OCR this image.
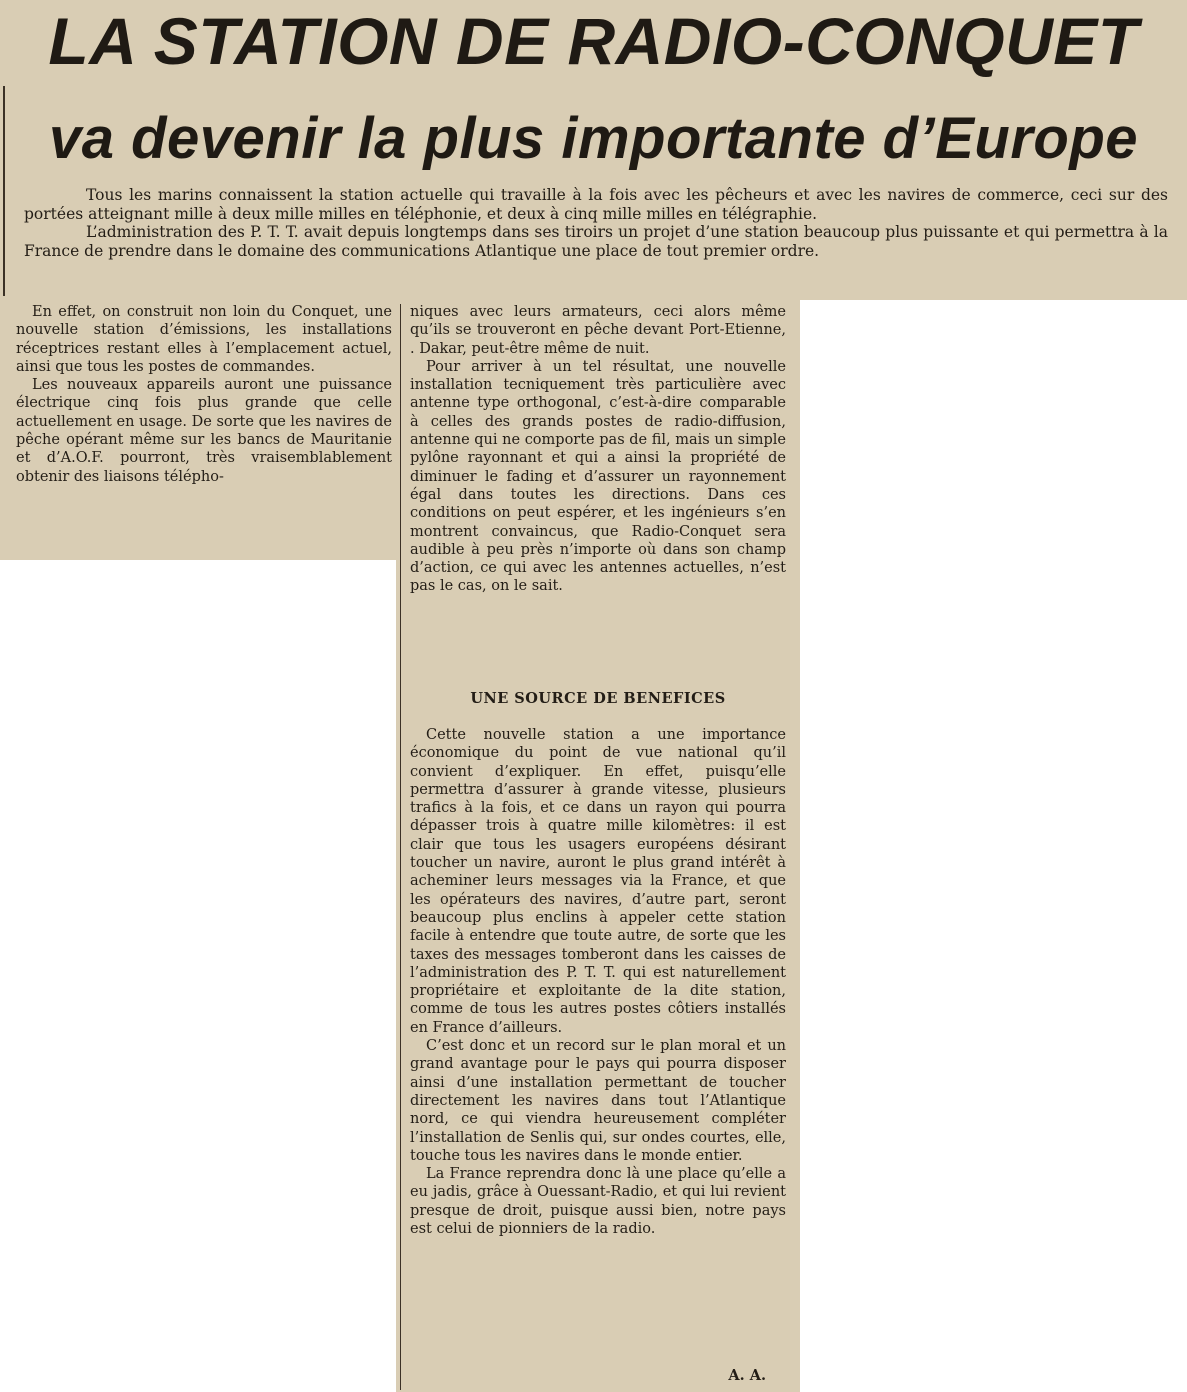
LA STATION DE RADIO-CONQUET
va devenir la plus importante d’Europe

Tous les marins connaissent la station actuelle qui travaille à la fois avec les pêcheurs et avec les navires de commerce, ceci sur des portées atteignant mille à deux mille milles en téléphonie, et deux à cinq mille milles en télégraphie.

L’administration des P. T. T. avait depuis longtemps dans ses tiroirs un projet d’une station beaucoup plus puissante et qui permettra à la France de prendre dans le domaine des communications Atlantique une place de tout premier ordre.

En effet, on construit non loin du Conquet, une nouvelle station d’émissions, les installations réceptrices restant elles à l’emplacement actuel, ainsi que tous les postes de commandes.

Les nouveaux appareils auront une puissance électrique cinq fois plus grande que celle actuellement en usage. De sorte que les navires de pêche opérant même sur les bancs de Mauritanie et d’A.O.F. pourront, très vraisemblablement obtenir des liaisons télépho-

niques avec leurs armateurs, ceci alors même qu’ils se trouveront en pêche devant Port-Etienne, . Dakar, peut-être même de nuit.

Pour arriver à un tel résultat, une nouvelle installation tecniquement très particulière avec antenne type orthogonal, c’est-à-dire comparable à celles des grands postes de radio-diffusion, antenne qui ne comporte pas de fil, mais un simple pylône rayonnant et qui a ainsi la propriété de diminuer le fading et d’assurer un rayonnement égal dans toutes les directions. Dans ces conditions on peut espérer, et les ingénieurs s’en montrent convaincus, que Radio-Conquet sera audible à peu près n’importe où dans son champ d’action, ce qui avec les antennes actuelles, n’est pas le cas, on le sait.

UNE SOURCE DE BENEFICES

Cette nouvelle station a une importance économique du point de vue national qu’il convient d’expliquer. En effet, puisqu’elle permettra d’assurer à grande vitesse, plusieurs trafics à la fois, et ce dans un rayon qui pourra dépasser trois à quatre mille kilomètres: il est clair que tous les usagers européens désirant toucher un navire, auront le plus grand intérêt à acheminer leurs messages via la France, et que les opérateurs des navires, d’autre part, seront beaucoup plus enclins à appeler cette station facile à entendre que toute autre, de sorte que les taxes des messages tomberont dans les caisses de l’administration des P. T. T. qui est naturellement propriétaire et exploitante de la dite station, comme de tous les autres postes côtiers installés en France d’ailleurs.

C’est donc et un record sur le plan moral et un grand avantage pour le pays qui pourra disposer ainsi d’une installation permettant de toucher directement les navires dans tout l’Atlantique nord, ce qui viendra heureusement compléter l’installation de Senlis qui, sur ondes courtes, elle, touche tous les navires dans le monde entier.

La France reprendra donc là une place qu’elle a eu jadis, grâce à Ouessant-Radio, et qui lui revient presque de droit, puisque aussi bien, notre pays est celui de pionniers de la radio.

A. A.
